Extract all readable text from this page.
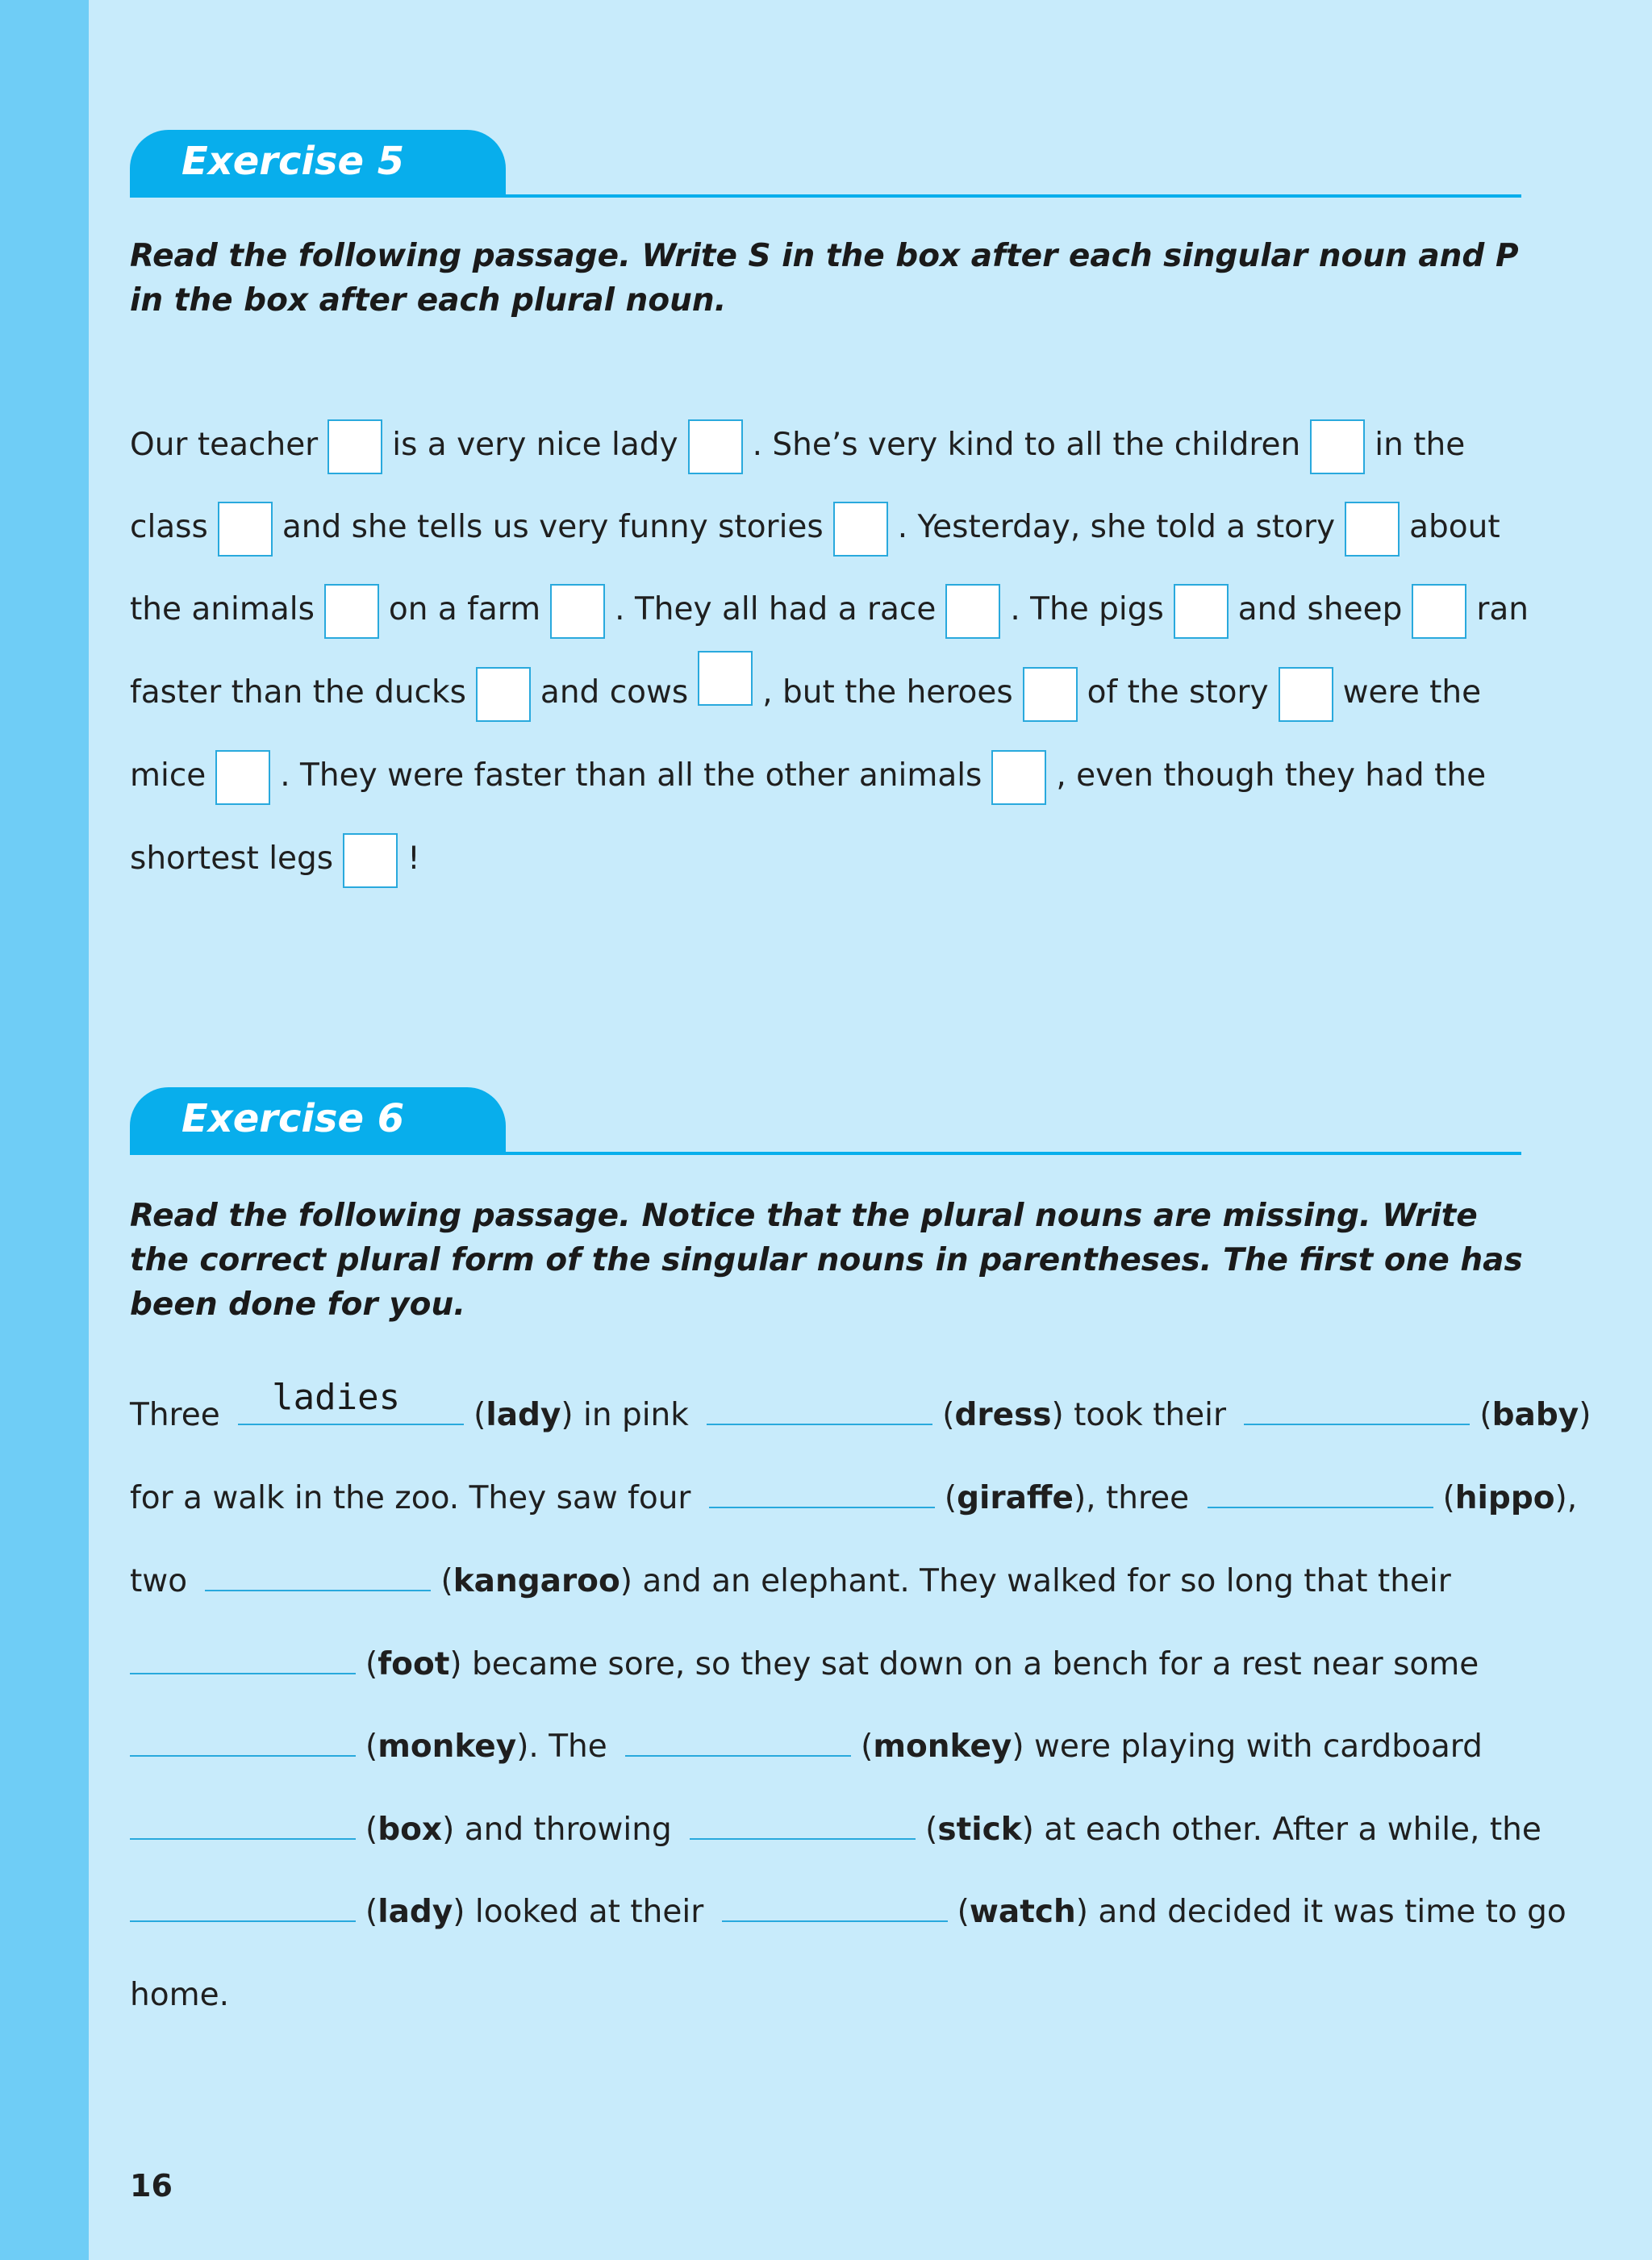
Exercise 5
Read the following passage. Write S in the box after each singular noun and P in the box after each plural noun.
Our teacher is a very nice lady . She’s very kind to all the children in the
class and she tells us very funny stories . Yesterday, she told a story about
the animals on a farm . They all had a race . The pigs and sheep ran
faster than the ducks and cows , but the heroes of the story were the
mice . They were faster than all the other animals , even though they had the
shortest legs !
Exercise 6
Read the following passage. Notice that the plural nouns are missing. Write the correct plural form of the singular nouns in parentheses. The first one has been done for you.
Three ladies (lady) in pink	(dress) took their	(baby)
for a walk in the zoo. They saw four	(giraffe), three	(hippo),
two	(kangaroo) and an elephant. They walked for so long that their
(foot) became sore, so they sat down on a bench for a rest near some
(monkey). The	(monkey) were playing with cardboard
(box) and throwing	(stick) at each other. After a while, the
(lady) looked at their	(watch) and decided it was time to go
home.
16
